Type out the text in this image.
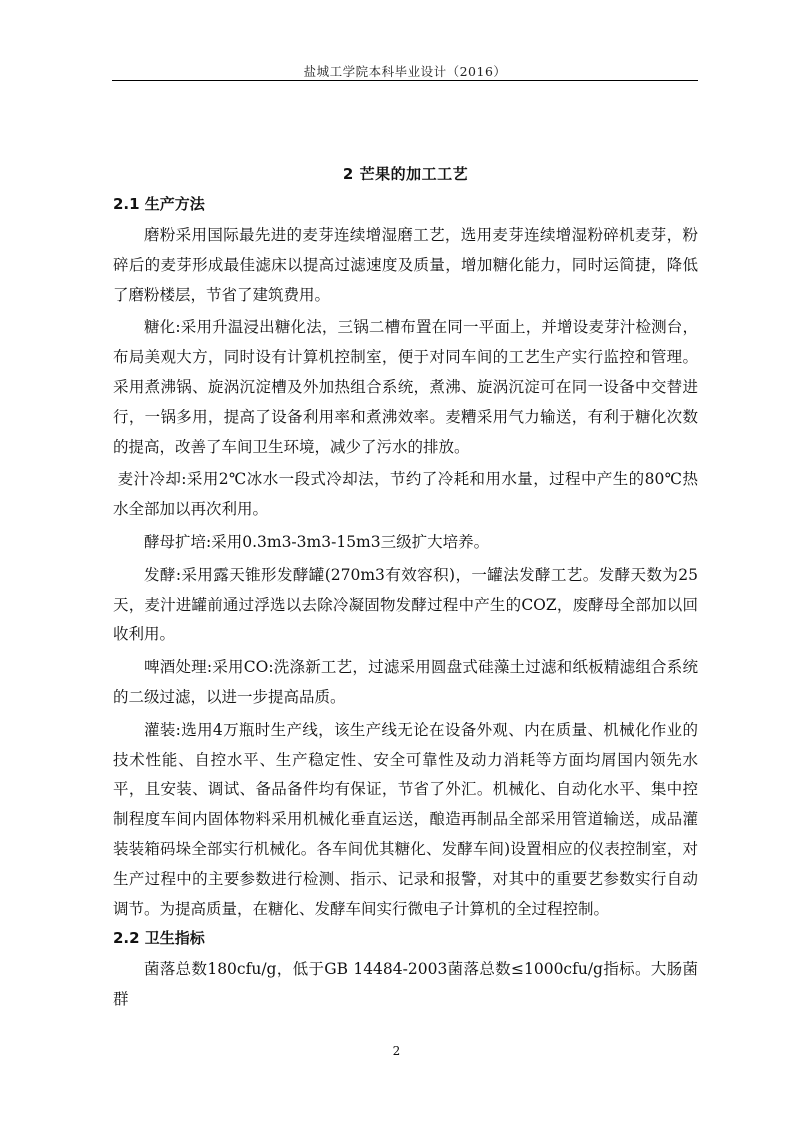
盐城工学院本科毕业设计（2016）
2 芒果的加工工艺
2.1 生产方法

磨粉采用国际最先进的麦芽连续增湿磨工艺，选用麦芽连续增湿粉碎机麦芽，粉碎后的麦芽形成最佳滤床以提高过滤速度及质量，增加糖化能力，同时运简捷，降低了磨粉楼层，节省了建筑费用。

糖化:采用升温浸出糖化法，三锅二槽布置在同一平面上，并增设麦芽汁检测台，布局美观大方，同时设有计算机控制室，便于对同车间的工艺生产实行监控和管理。采用煮沸锅、旋涡沉淀槽及外加热组合系统，煮沸、旋涡沉淀可在同一设备中交替进行，一锅多用，提高了设备利用率和煮沸效率。麦糟采用气力输送，有利于糖化次数的提高，改善了车间卫生环境，减少了污水的排放。

麦汁冷却:采用2℃冰水一段式冷却法，节约了冷耗和用水量，过程中产生的80℃热水全部加以再次利用。

酵母扩培:采用0.3m3-3m3-15m3三级扩大培养。

发酵:采用露天锥形发酵罐(270m3有效容积)，一罐法发酵工艺。发酵天数为25天，麦汁进罐前通过浮选以去除冷凝固物发酵过程中产生的COZ，废酵母全部加以回收利用。

啤酒处理:采用CO:洗涤新工艺，过滤采用圆盘式硅藻土过滤和纸板精滤组合系统的二级过滤，以进一步提高品质。

灌装:选用4万瓶时生产线，该生产线无论在设备外观、内在质量、机械化作业的技术性能、自控水平、生产稳定性、安全可靠性及动力消耗等方面均屑国内领先水平，且安装、调试、备品备件均有保证，节省了外汇。机械化、自动化水平、集中控制程度车间内固体物料采用机械化垂直运送，酿造再制品全部采用管道输送，成品灌装装箱码垛全部实行机械化。各车间优其糖化、发酵车间)设置相应的仪表控制室，对生产过程中的主要参数进行检测、指示、记录和报警，对其中的重要艺参数实行自动调节。为提高质量，在糖化、发酵车间实行微电子计算机的全过程控制。

2.2 卫生指标

菌落总数180cfu/g，低于GB 14484-2003菌落总数≤1000cfu/g指标。大肠菌群

2
